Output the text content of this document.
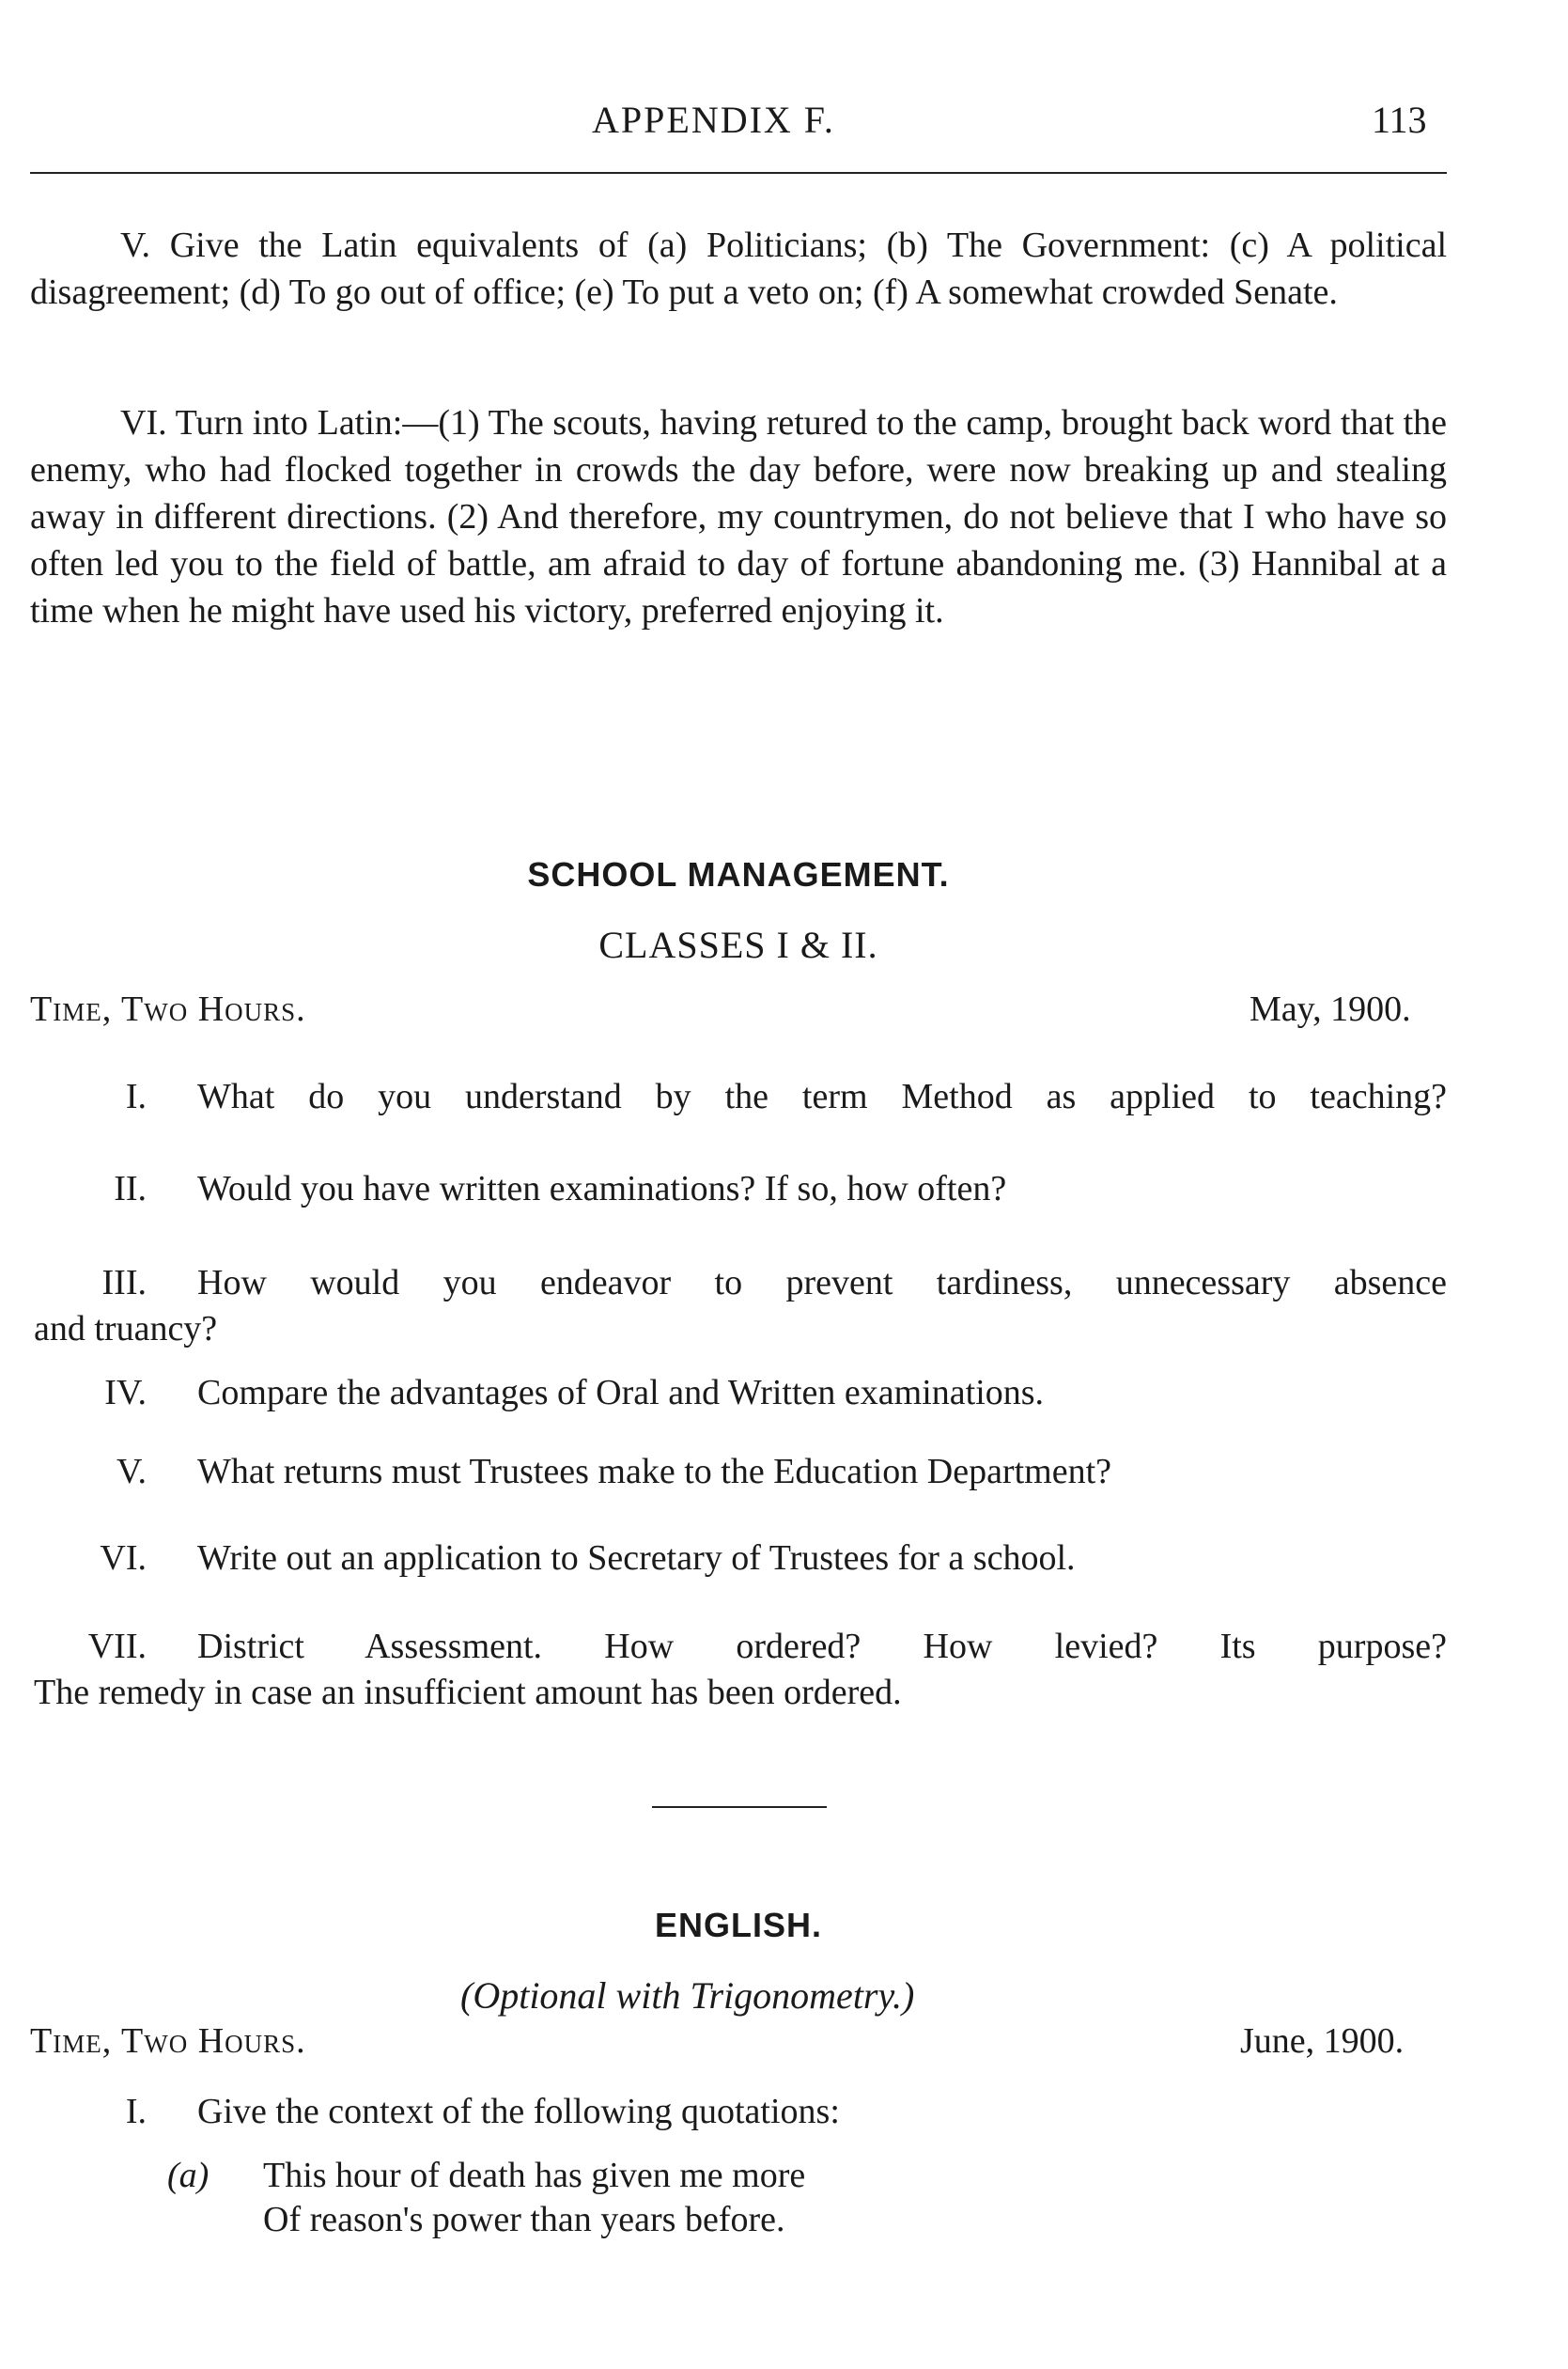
APPENDIX F.	113
V. Give the Latin equivalents of (a) Politicians; (b) The Government: (c) A political disagreement; (d) To go out of office; (e) To put a veto on; (f) A somewhat crowded Senate.
VI. Turn into Latin:—(1) The scouts, having retured to the camp, brought back word that the enemy, who had flocked together in crowds the day before, were now breaking up and stealing away in different directions. (2) And therefore, my countrymen, do not believe that I who have so often led you to the field of battle, am afraid to day of fortune abandoning me. (3) Hannibal at a time when he might have used his victory, preferred enjoying it.
SCHOOL MANAGEMENT.
CLASSES I & II.
Time, Two Hours.	May, 1900.
I. What do you understand by the term Method as applied to teaching?
II. Would you have written examinations? If so, how often?
III. How would you endeavor to prevent tardiness, unnecessary absence
and truancy?
IV. Compare the advantages of Oral and Written examinations.
V. What returns must Trustees make to the Education Department?
VI. Write out an application to Secretary of Trustees for a school.
VII. District Assessment. How ordered? How levied? Its purpose?
The remedy in case an insufficient amount has been ordered.
ENGLISH.
(Optional with Trigonometry.)
Time, Two Hours.	June, 1900.
I. Give the context of the following quotations:
(a) This hour of death has given me more
Of reason's power than years before.
